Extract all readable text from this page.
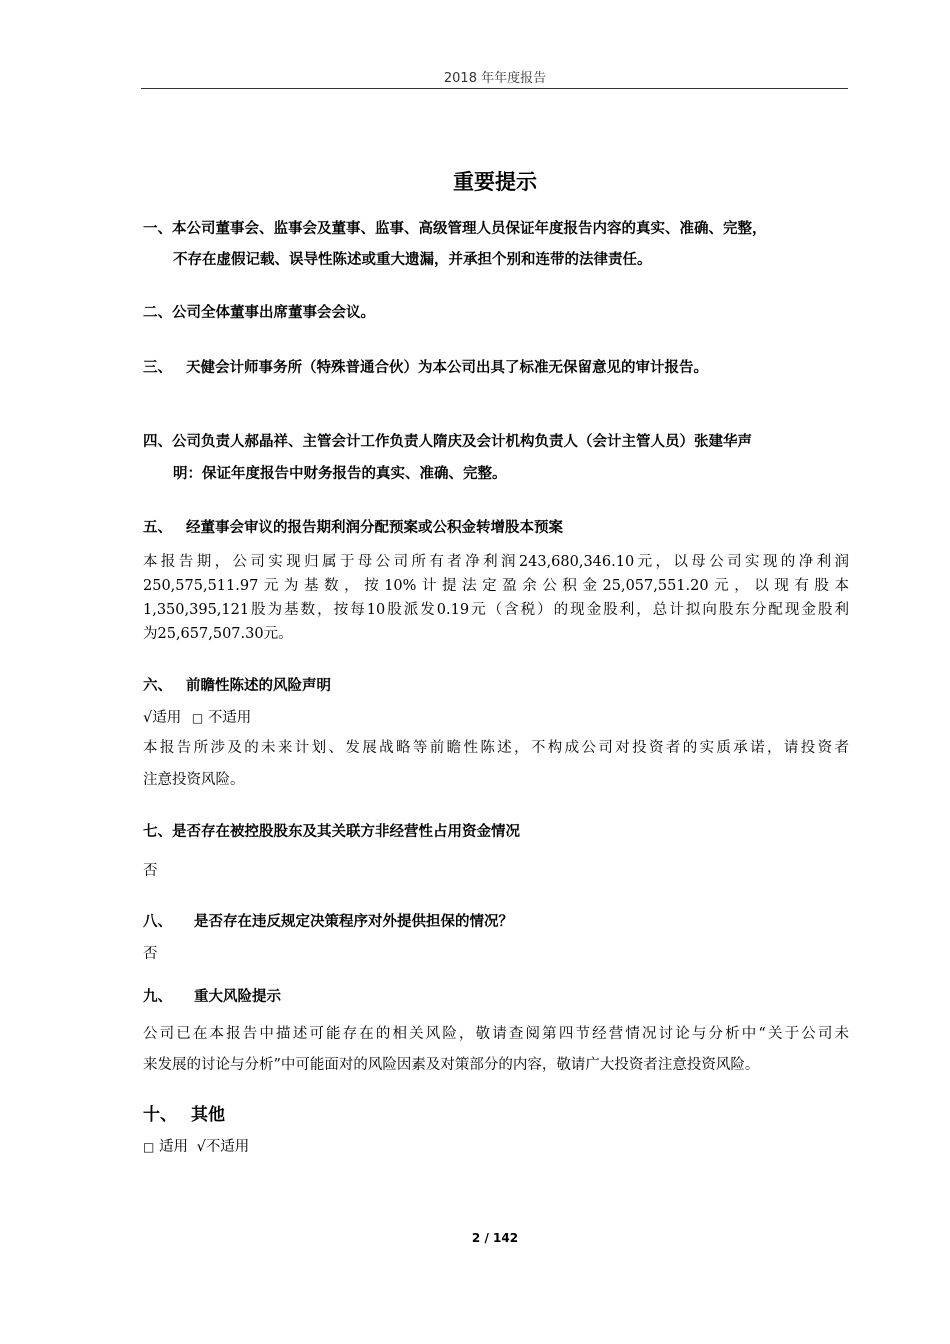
2018 年年度报告
重要提示
一、本公司董事会、监事会及董事、监事、高级管理人员保证年度报告内容的真实、准确、完整，
不存在虚假记载、误导性陈述或重大遗漏，并承担个别和连带的法律责任。
二、公司全体董事出席董事会会议。
三、 天健会计师事务所（特殊普通合伙）为本公司出具了标准无保留意见的审计报告。
四、公司负责人郝晶祥、主管会计工作负责人隋庆及会计机构负责人（会计主管人员）张建华声
明：保证年度报告中财务报告的真实、准确、完整。
五、 经董事会审议的报告期利润分配预案或公积金转增股本预案
本报告期，公司实现归属于母公司所有者净利润243,680,346.10元，以母公司实现的净利润
250,575,511.97元为基数，按10%计提法定盈余公积金25,057,551.20元，以现有股本
1,350,395,121股为基数，按每10股派发0.19元（含税）的现金股利，总计拟向股东分配现金股利
为25,657,507.30元。
六、 前瞻性陈述的风险声明
√适用 □ 不适用
本报告所涉及的未来计划、发展战略等前瞻性陈述，不构成公司对投资者的实质承诺，请投资者
注意投资风险。
七、是否存在被控股股东及其关联方非经营性占用资金情况
否
八、 是否存在违反规定决策程序对外提供担保的情况？
否
九、 重大风险提示
公司已在本报告中描述可能存在的相关风险，敬请查阅第四节经营情况讨论与分析中“关于公司未
来发展的讨论与分析”中可能面对的风险因素及对策部分的内容，敬请广大投资者注意投资风险。
十、 其他
□ 适用 √不适用
2 / 142
